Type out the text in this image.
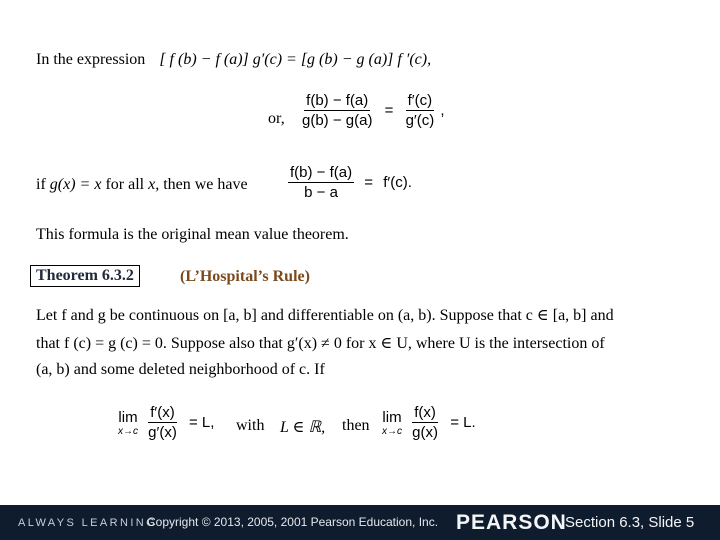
In the expression [ f (b) − f (a)] g′(c) = [g (b) − g (a)] f ′(c),
or, $\frac{f(b) - f(a)}{g(b) - g(a)} = \frac{f'(c)}{g'(c)}$ ,
if g(x) = x for all x, then we have	$\frac{f(b) - f(a)}{b - a} = f'(c)$.
This formula is the original mean value theorem.
Theorem 6.3.2	(L’Hospital’s Rule)
Let f and g be continuous on [a, b] and differentiable on (a, b). Suppose that c ∈ [a, b] and
that f (c) = g (c) = 0. Suppose also that g′(x) ≠ 0 for x ∈ U, where U is the intersection of
(a, b) and some deleted neighborhood of c. If
lim
x→c
$\frac{f'(x)}{g'(x)} = L$, with L ∈ ℝ, then lim
x→c
$\frac{f(x)}{g(x)} = L$.
ALWAYS LEARNING
Copyright © 2013, 2005, 2001 Pearson Education, Inc. PEARSON
Section 6.3, Slide 5
